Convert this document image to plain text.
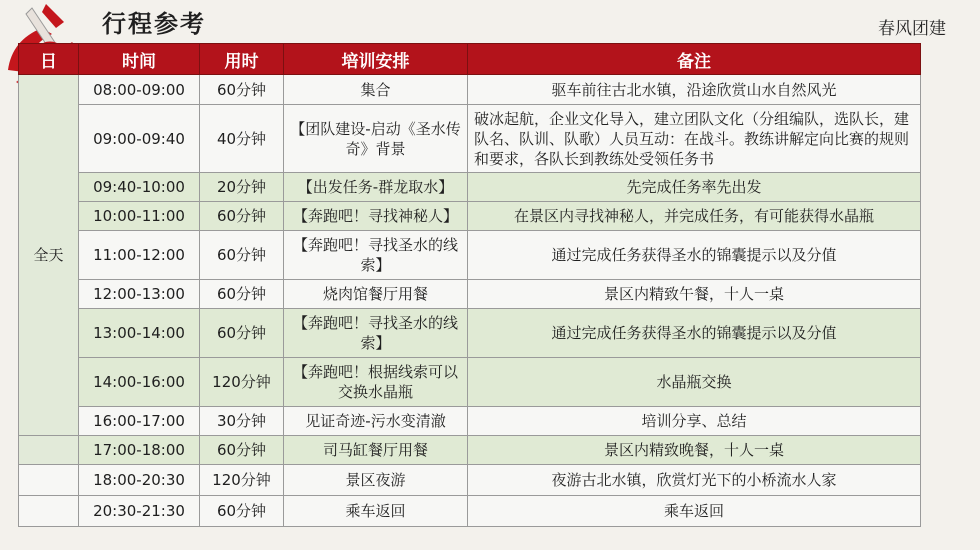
行程参考	春风团建
日	时间	用时	培训安排	备注
全天	08:00-09:00	60分钟	集合	驱车前往古北水镇，沿途欣赏山水自然风光
	09:00-09:40	40分钟	【团队建设-启动《圣水传奇》背景	破冰起航，企业文化导入，建立团队文化（分组编队，选队长，建队名、队训、队歌）人员互动：在战斗。教练讲解定向比赛的规则和要求，各队长到教练处受领任务书
	09:40-10:00	20分钟	【出发任务-群龙取水】	先完成任务率先出发
	10:00-11:00	60分钟	【奔跑吧！寻找神秘人】	在景区内寻找神秘人，并完成任务，有可能获得水晶瓶
	11:00-12:00	60分钟	【奔跑吧！寻找圣水的线索】	通过完成任务获得圣水的锦囊提示以及分值
	12:00-13:00	60分钟	烧肉馆餐厅用餐	景区内精致午餐，十人一桌
	13:00-14:00	60分钟	【奔跑吧！寻找圣水的线索】	通过完成任务获得圣水的锦囊提示以及分值
	14:00-16:00	120分钟	【奔跑吧！根据线索可以交换水晶瓶	水晶瓶交换
	16:00-17:00	30分钟	见证奇迹-污水变清澈	培训分享、总结
	17:00-18:00	60分钟	司马缸餐厅用餐	景区内精致晚餐，十人一桌
	18:00-20:30	120分钟	景区夜游	夜游古北水镇，欣赏灯光下的小桥流水人家
	20:30-21:30	60分钟	乘车返回	乘车返回
